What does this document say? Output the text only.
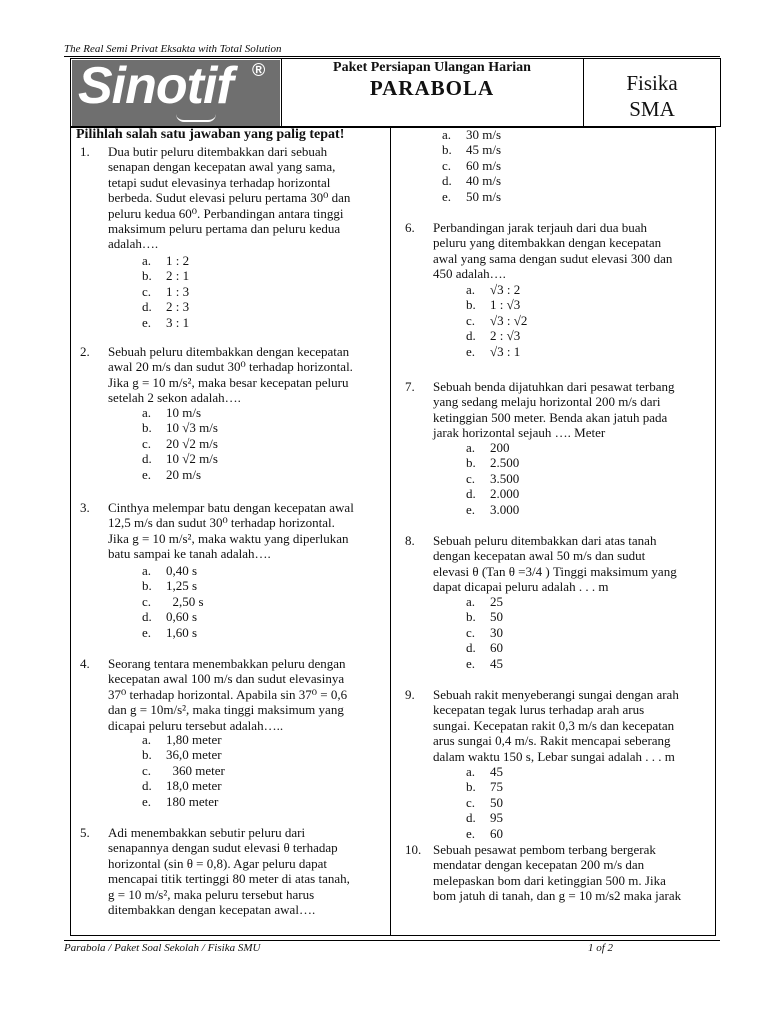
The Real Semi Privat Eksakta with Total Solution
Sinotif ®	Paket Persiapan Ulangan Harian
PARABOLA	Fisika
SMA
Pilihlah salah satu jawaban yang palig tepat!
1. Dua butir peluru ditembakkan dari sebuah
senapan dengan kecepatan awal yang sama,
tetapi sudut elevasinya terhadap horizontal
berbeda. Sudut elevasi peluru pertama 30⁰ dan
peluru kedua 60⁰. Perbandingan antara tinggi
maksimum peluru pertama dan peluru kedua
adalah….
a. 1 : 2
b. 2 : 1
c. 1 : 3
d. 2 : 3
e. 3 : 1
2. Sebuah peluru ditembakkan dengan kecepatan
awal 20 m/s dan sudut 30⁰ terhadap horizontal.
Jika g = 10 m/s², maka besar kecepatan peluru
setelah 2 sekon adalah….
a. 10 m/s
b. 10 √3 m/s
c. 20 √2 m/s
d. 10 √2 m/s
e. 20 m/s
3. Cinthya melempar batu dengan kecepatan awal
12,5 m/s dan sudut 30⁰ terhadap horizontal.
Jika g = 10 m/s², maka waktu yang diperlukan
batu sampai ke tanah adalah….
a. 0,40 s
b. 1,25 s
c. 2,50 s
d. 0,60 s
e. 1,60 s
4. Seorang tentara menembakkan peluru dengan
kecepatan awal 100 m/s dan sudut elevasinya
37⁰ terhadap horizontal. Apabila sin 37⁰ = 0,6
dan g = 10m/s², maka tinggi maksimum yang
dicapai peluru tersebut adalah…..
a. 1,80 meter
b. 36,0 meter
c. 360 meter
d. 18,0 meter
e. 180 meter
5. Adi menembakkan sebutir peluru dari
senapannya dengan sudut elevasi θ terhadap
horizontal (sin θ = 0,8). Agar peluru dapat
mencapai titik tertinggi 80 meter di atas tanah,
g = 10 m/s², maka peluru tersebut harus
ditembakkan dengan kecepatan awal….
a. 30 m/s
b. 45 m/s
c. 60 m/s
d. 40 m/s
e. 50 m/s
6. Perbandingan jarak terjauh dari dua buah
peluru yang ditembakkan dengan kecepatan
awal yang sama dengan sudut elevasi 300 dan
450 adalah….
a. √3 : 2
b. 1 : √3
c. √3 : √2
d. 2 : √3
e. √3 : 1
7. Sebuah benda dijatuhkan dari pesawat terbang
yang sedang melaju horizontal 200 m/s dari
ketinggian 500 meter. Benda akan jatuh pada
jarak horizontal sejauh …. Meter
a. 200
b. 2.500
c. 3.500
d. 2.000
e. 3.000
8. Sebuah peluru ditembakkan dari atas tanah
dengan kecepatan awal 50 m/s dan sudut
elevasi θ (Tan θ =3/4 ) Tinggi maksimum yang
dapat dicapai peluru adalah . . . m
a. 25
b. 50
c. 30
d. 60
e. 45
9. Sebuah rakit menyeberangi sungai dengan arah
kecepatan tegak lurus terhadap arah arus
sungai. Kecepatan rakit 0,3 m/s dan kecepatan
arus sungai 0,4 m/s. Rakit mencapai seberang
dalam waktu 150 s, Lebar sungai adalah . . . m
a. 45
b. 75
c. 50
d. 95
e. 60
10. Sebuah pesawat pembom terbang bergerak
mendatar dengan kecepatan 200 m/s dan
melepaskan bom dari ketinggian 500 m. Jika
bom jatuh di tanah, dan g = 10 m/s2 maka jarak
Parabola / Paket Soal Sekolah / Fisika SMU	1 of 2
